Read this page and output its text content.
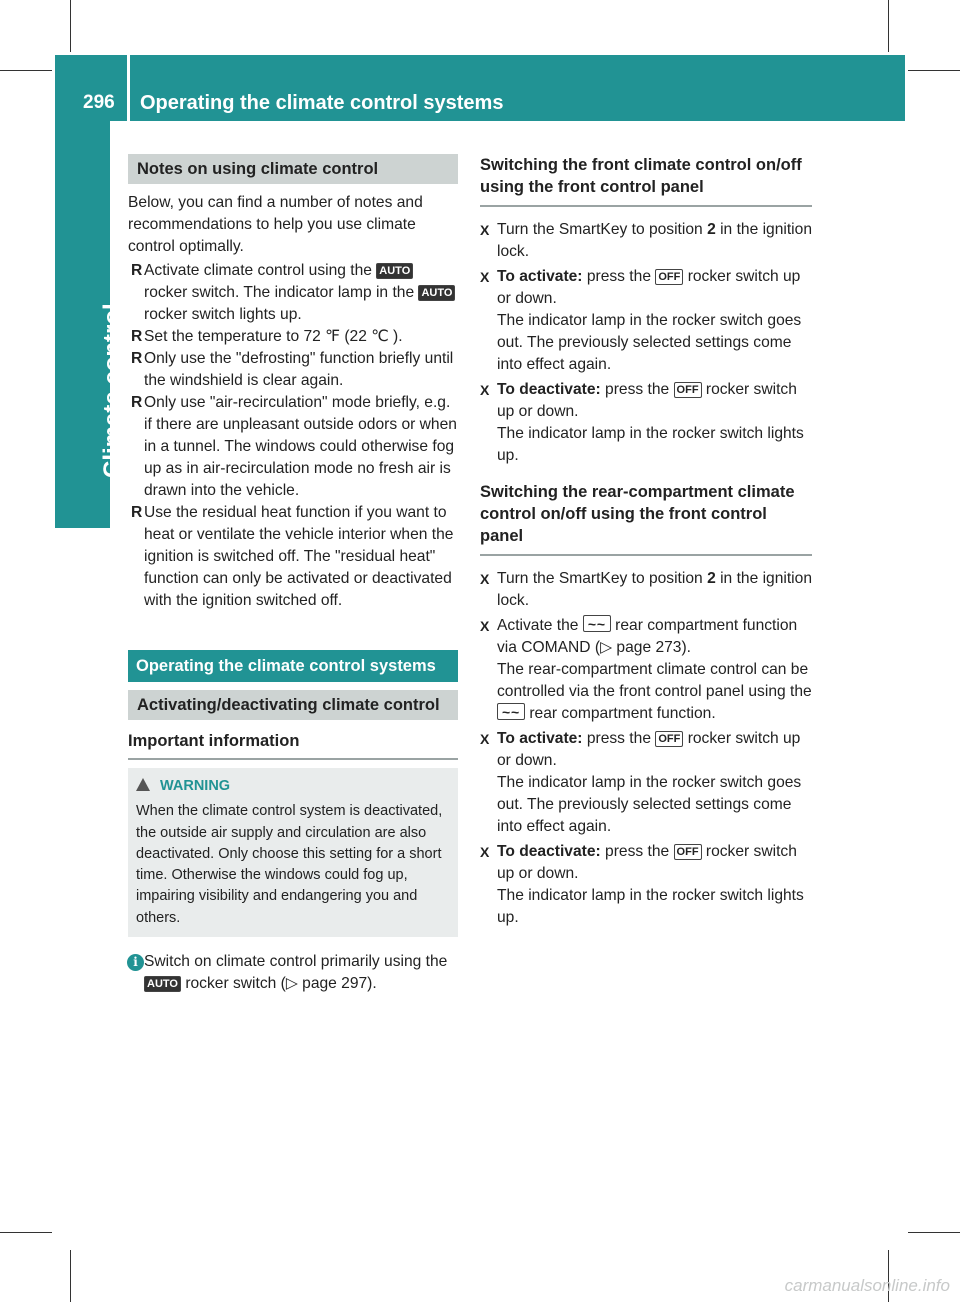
296 Operating the climate control systems
Climate control
Notes on using climate control

Below, you can find a number of notes and recommendations to help you use climate control optimally.

R Activate climate control using the AUTO rocker switch. The indicator lamp in the AUTO rocker switch lights up.
R Set the temperature to 72 ℉ (22 ℃ ).
R Only use the "defrosting" function briefly until the windshield is clear again.
R Only use "air-recirculation" mode briefly, e.g. if there are unpleasant outside odors or when in a tunnel. The windows could otherwise fog up as in air-recirculation mode no fresh air is drawn into the vehicle.
R Use the residual heat function if you want to heat or ventilate the vehicle interior when the ignition is switched off. The "residual heat" function can only be activated or deactivated with the ignition switched off.
Operating the climate control systems
Activating/deactivating climate control
Important information
WARNING
When the climate control system is deactivated, the outside air supply and circulation are also deactivated. Only choose this setting for a short time. Otherwise the windows could fog up, impairing visibility and endangering you and others.
i Switch on climate control primarily using the AUTO rocker switch (▷ page 297).
Switching the front climate control on/off using the front control panel
X Turn the SmartKey to position 2 in the ignition lock.
X To activate: press the OFF rocker switch up or down.

The indicator lamp in the rocker switch goes out. The previously selected settings come into effect again.

X To deactivate: press the OFF rocker switch up or down.

The indicator lamp in the rocker switch lights up.

Switching the rear-compartment climate control on/off using the front control panel
X Turn the SmartKey to position 2 in the ignition lock.
X Activate the ~ ~ rear compartment function via COMAND (▷ page 273).

The rear-compartment climate control can be controlled via the front control panel using the ~ ~ rear compartment function.

X To activate: press the OFF rocker switch up or down.

The indicator lamp in the rocker switch goes out. The previously selected settings come into effect again.

X To deactivate: press the OFF rocker switch up or down.

The indicator lamp in the rocker switch lights up.

carmanualsonline.info
